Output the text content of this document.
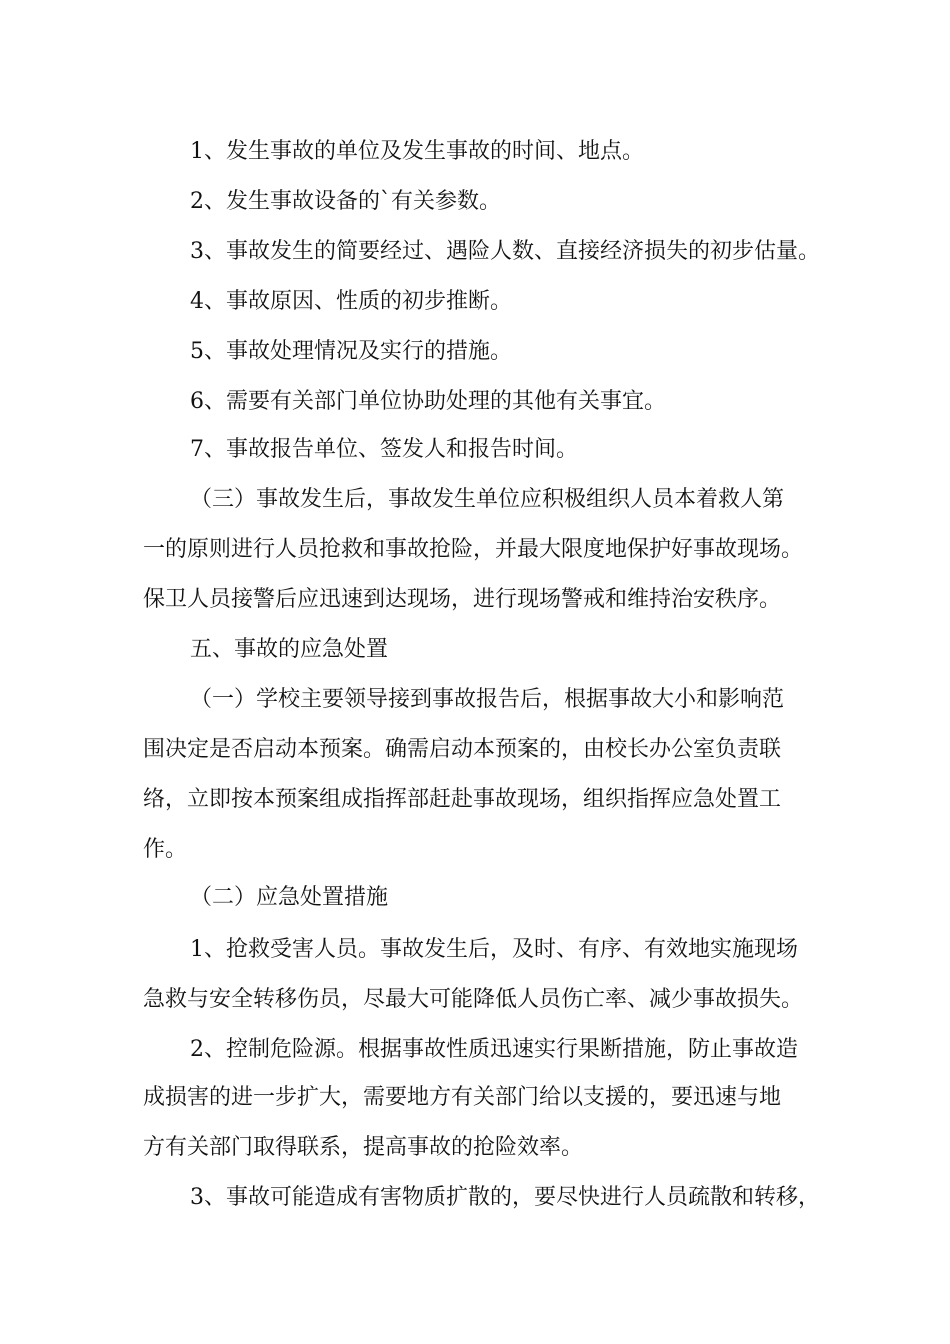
1、发生事故的单位及发生事故的时间、地点。
2、发生事故设备的`有关参数。
3、事故发生的简要经过、遇险人数、直接经济损失的初步估量。
4、事故原因、性质的初步推断。
5、事故处理情况及实行的措施。
6、需要有关部门单位协助处理的其他有关事宜。
7、事故报告单位、签发人和报告时间。
（三）事故发生后，事故发生单位应积极组织人员本着救人第
一的原则进行人员抢救和事故抢险，并最大限度地保护好事故现场。
保卫人员接警后应迅速到达现场，进行现场警戒和维持治安秩序。
五、事故的应急处置
（一）学校主要领导接到事故报告后，根据事故大小和影响范
围决定是否启动本预案。确需启动本预案的，由校长办公室负责联
络，立即按本预案组成指挥部赶赴事故现场，组织指挥应急处置工
作。
（二）应急处置措施
1、抢救受害人员。事故发生后，及时、有序、有效地实施现场
急救与安全转移伤员，尽最大可能降低人员伤亡率、减少事故损失。
2、控制危险源。根据事故性质迅速实行果断措施，防止事故造
成损害的进一步扩大，需要地方有关部门给以支援的，要迅速与地
方有关部门取得联系，提高事故的抢险效率。
3、事故可能造成有害物质扩散的，要尽快进行人员疏散和转移，
